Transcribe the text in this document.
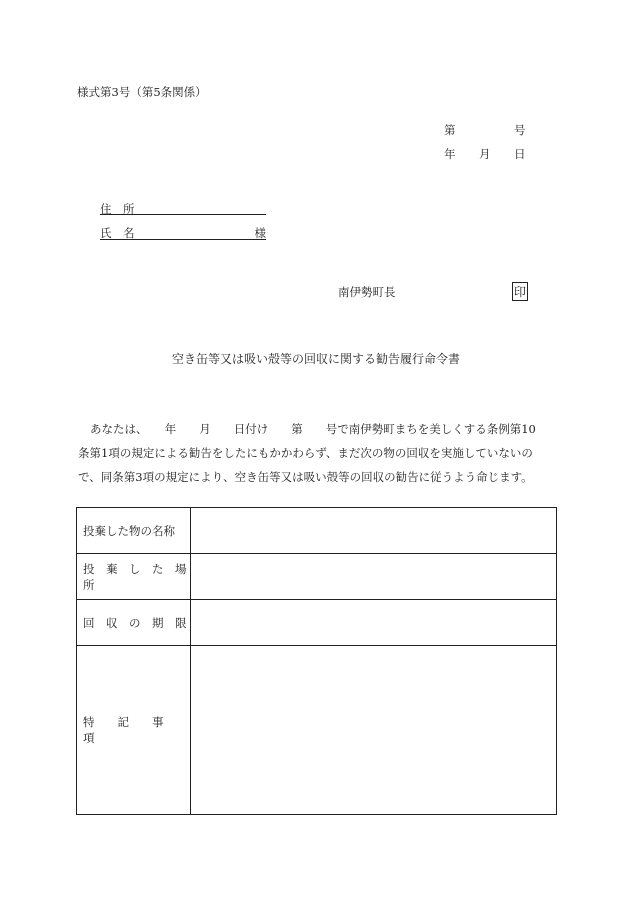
様式第3号（第5条関係）
第	号
年 月 日
住　所
氏　名	様
南伊勢町長	印
空き缶等又は吸い殻等の回収に関する勧告履行命令書
あなたは、　　年　　月　　日付け　　第　　号で南伊勢町まちを美しくする条例第10
条第1項の規定による勧告をしたにもかかわらず、まだ次の物の回収を実施していないの
で、同条第3項の規定により、空き缶等又は吸い殻等の回収の勧告に従うよう命じます。
投棄した物の名称	
投　棄　し　た　場　所	
回　収　の　期　限	
特　　記　　事　　項	
